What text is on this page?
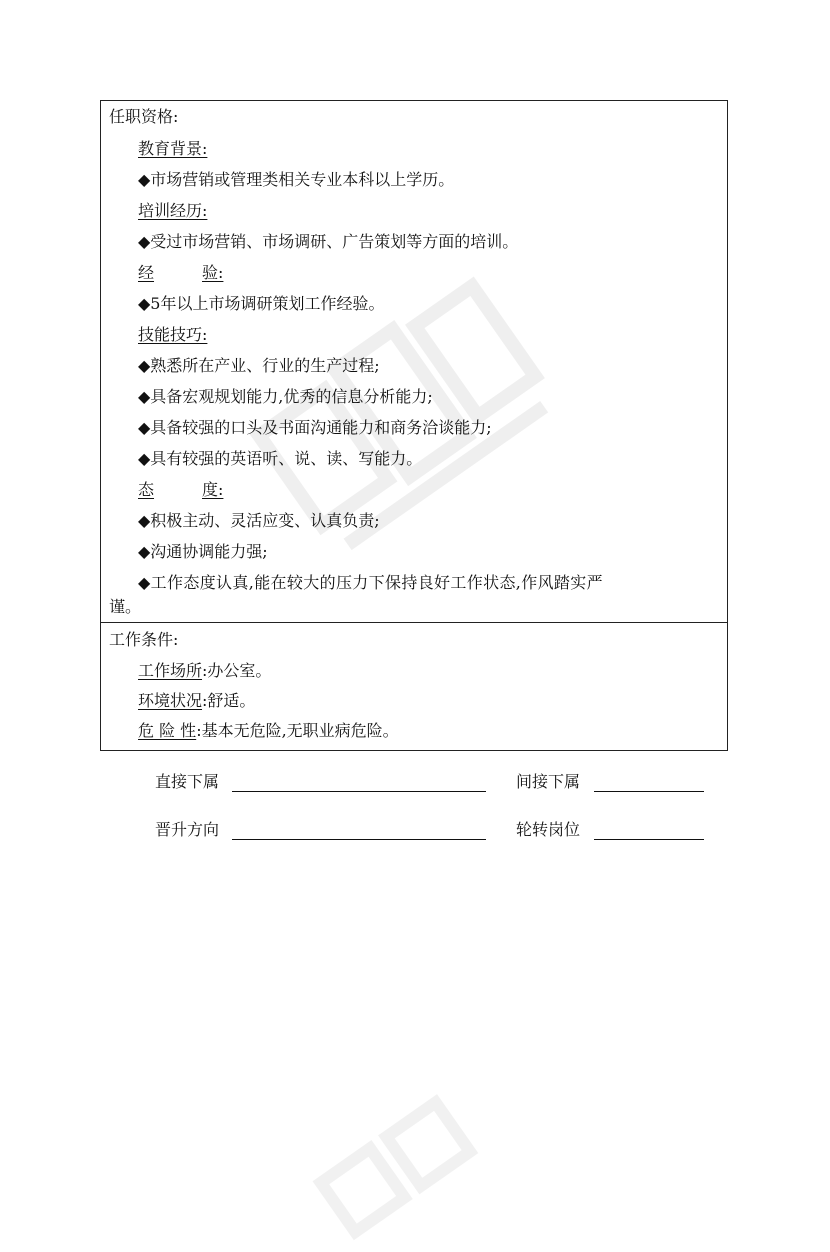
任职资格:
教育背景:
◆市场营销或管理类相关专业本科以上学历。
培训经历:
◆受过市场营销、市场调研、广告策划等方面的培训。
经	验:
◆5年以上市场调研策划工作经验。
技能技巧:
◆熟悉所在产业、行业的生产过程;
◆具备宏观规划能力,优秀的信息分析能力;
◆具备较强的口头及书面沟通能力和商务洽谈能力;
◆具有较强的英语听、说、读、写能力。
态	度:
◆积极主动、灵活应变、认真负责;
◆沟通协调能力强;
◆工作态度认真,能在较大的压力下保持良好工作状态,作风踏实严
谨。
工作条件:
工作场所:办公室。
环境状况:舒适。
危 险 性:基本无危险,无职业病危险。
直接下属	间接下属
晋升方向	轮转岗位
